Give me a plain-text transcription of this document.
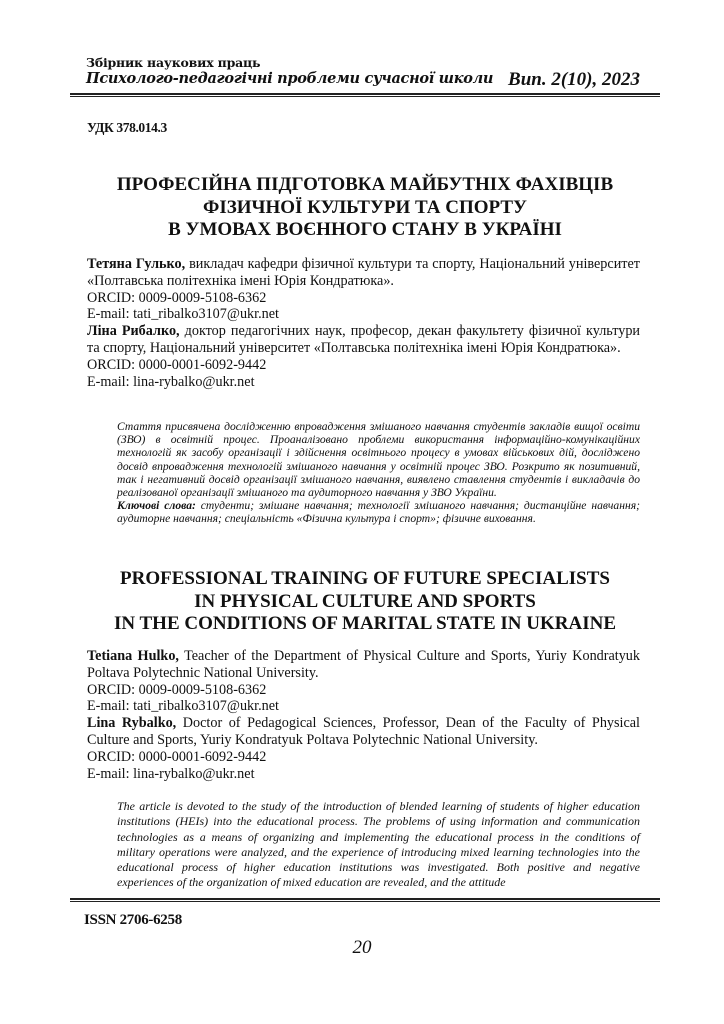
Збірник наукових праць
Психолого-педагогічні проблеми сучасної школи Вип. 2(10), 2023
УДК 378.014.3
ПРОФЕСІЙНА ПІДГОТОВКА МАЙБУТНІХ ФАХІВЦІВ
ФІЗИЧНОЇ КУЛЬТУРИ ТА СПОРТУ
В УМОВАХ ВОЄННОГО СТАНУ В УКРАЇНІ
Тетяна Гулько, викладач кафедри фізичної культури та спорту, Національний університет «Полтавська політехніка імені Юрія Кондратюка».
ORCID: 0009-0009-5108-6362
E-mail: tati_ribalko3107@ukr.net
Ліна Рибалко, доктор педагогічних наук, професор, декан факультету фізичної культури та спорту, Національний університет «Полтавська політехніка імені Юрія Кондратюка».
ORCID: 0000-0001-6092-9442
E-mail: lina-rybalko@ukr.net
Стаття присвячена дослідженню впровадження змішаного навчання студентів закладів вищої освіти (ЗВО) в освітній процес. Проаналізовано проблеми використання інформаційно-комунікаційних технологій як засобу організації і здійснення освітнього процесу в умовах військових дій, досліджено досвід впровадження технологій змішаного навчання у освітній процес ЗВО. Розкрито як позитивний, так і негативний досвід організації змішаного навчання, виявлено ставлення студентів і викладачів до реалізованої організації змішаного та аудиторного навчання у ЗВО України.
Ключові слова: студенти; змішане навчання; технології змішаного навчання; дистанційне навчання; аудиторне навчання; спеціальність «Фізична культура і спорт»; фізичне виховання.
PROFESSIONAL TRAINING OF FUTURE SPECIALISTS
IN PHYSICAL CULTURE AND SPORTS
IN THE CONDITIONS OF MARITAL STATE IN UKRAINE
Tetiana Hulko, Teacher of the Department of Physical Culture and Sports, Yuriy Kondratyuk Poltava Polytechnic National University.
ORCID: 0009-0009-5108-6362
E-mail: tati_ribalko3107@ukr.net
Lina Rybalko, Doctor of Pedagogical Sciences, Professor, Dean of the Faculty of Physical Culture and Sports, Yuriy Kondratyuk Poltava Polytechnic National University.
ORCID: 0000-0001-6092-9442
E-mail: lina-rybalko@ukr.net
The article is devoted to the study of the introduction of blended learning of students of higher education institutions (HEIs) into the educational process. The problems of using information and communication technologies as a means of organizing and implementing the educational process in the conditions of military operations were analyzed, and the experience of introducing mixed learning technologies into the educational process of higher education institutions was investigated. Both positive and negative experiences of the organization of mixed education are revealed, and the attitude
ISSN 2706-6258
20
